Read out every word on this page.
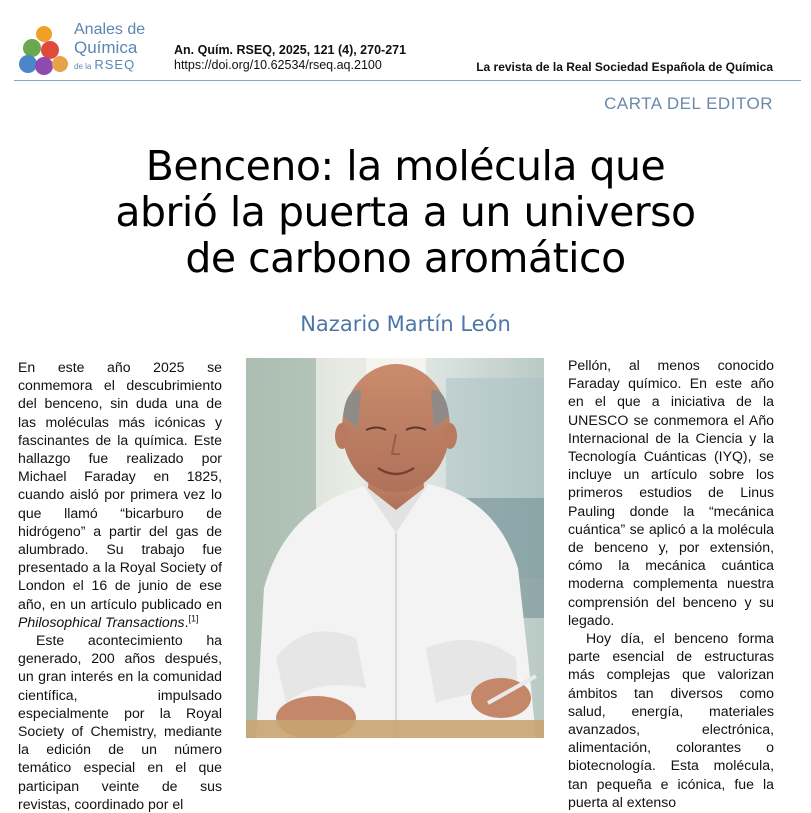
Anales de
Química
de la RSEQ
An. Quím. RSEQ, 2025, 121 (4), 270-271
https://doi.org/10.62534/rseq.aq.2100	La revista de la Real Sociedad Española de Química
CARTA DEL EDITOR
Benceno: la molécula que
abrió la puerta a un universo
de carbono aromático
Nazario Martín León

En este año 2025 se conmemora el descubrimiento del benceno, sin duda una de las moléculas más icónicas y fascinantes de la química. Este hallazgo fue realizado por Michael Faraday en 1825, cuando aisló por primera vez lo que llamó “bicarburo de hidrógeno” a partir del gas de alumbrado. Su trabajo fue presentado a la Royal Society of London el 16 de junio de ese año, en un artículo publicado en Philosophical Transactions.[1]

Este acontecimiento ha generado, 200 años después, un gran interés en la comunidad científica, impulsado especialmente por la Royal Society of Chemistry, mediante la edición de un número temático especial en el que participan veinte de sus revistas, coordinado por el

Pellón, al menos conocido Faraday químico. En este año en el que a iniciativa de la UNESCO se conmemora el Año Internacional de la Ciencia y la Tecnología Cuánticas (IYQ), se incluye un artículo sobre los primeros estudios de Linus Pauling donde la “mecánica cuántica” se aplicó a la molécula de benceno y, por extensión, cómo la mecánica cuántica moderna complementa nuestra comprensión del benceno y su legado.

Hoy día, el benceno forma parte esencial de estructuras más complejas que valorizan ámbitos tan diversos como salud, energía, materiales avanzados, electrónica, alimentación, colorantes o biotecnología. Esta molécula, tan pequeña e icónica, fue la puerta al extenso
